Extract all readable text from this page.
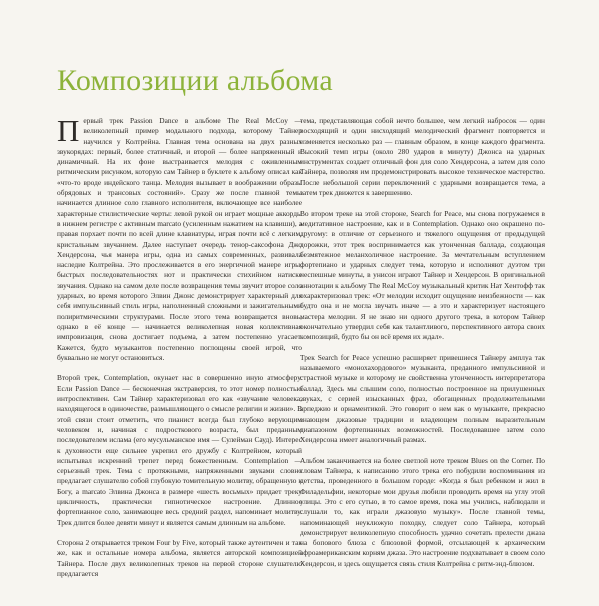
Композиции альбома

Первый трек Passion Dance в альбоме The Real McCoy — великолепный пример модального подхода, которому Тайнер научился у Колтрейна. Главная тема основана на двух разных звукорядах: первый, более статичный, и второй — более напряженный и динамичный. На их фоне выстраивается мелодия с оживленным ритмическим рисунком, которую сам Тайнер в буклете к альбому описал как «что-то вроде индейского танца. Мелодия вызывает в воображении образы обрядовых и трансовых состояний». Сразу же после главной темы начинается длинное соло главного исполнителя, включающее все наиболее характерные стилистические черты: левой рукой он играет мощные аккорды в нижнем регистре с активным marcato (усиленным нажатием на клавиши), а правая порхает почти по всей длине клавиатуры, играя почти всё с легким, кристальным звучанием. Далее наступает очередь тенор-саксофона Джо Хендерсона, чья манера игры, одна из самых современных, развивала наследие Колтрейна. Это прослеживается в его энергичной манере игры, быстрых последовательностях нот и практически стихийном натиске звучания. Однако на самом деле после возвращения темы звучит второе соло ударных, во время которого Элвин Джонс демонстрирует характерный для себя импульсивный стиль игры, наполненный сложными и зажигательными полиритмическими структурами. После этого тема возвращается вновь, однако в её конце — начинается великолепная новая коллективная импровизация, снова достигает подъема, а затем постепенно угасает. Кажется, будто музыкантов постепенно поглощены своей игрой, что буквально не могут остановиться.

Второй трек, Contemplation, окунает нас в совершенно иную атмосферу. Если Passion Dance — бесконечная экстраверсия, то этот номер полностью интроспективен. Сам Тайнер характеризовал его как «звучание человека, находящегося в одиночестве, размышляющего о смысле религии и жизни». В этой связи стоит отметить, что пианист всегда был глубоко верующим человеком и, начиная с подросткового возраста, был преданным последователем ислама (его мусульманское имя — Сулейман Сауд). Интерес к духовности еще сильнее укрепил его дружбу с Колтрейном, который испытывал искренний трепет перед божественным. Contemplation — серьезный трек. Тема с протяжными, напряженными звуками словно предлагает слушателю собой глубокую томительную молитву, обращенную к Богу, а marcato Элвина Джонса в размере «шесть восьмых» придает треку цикличность, практически гипнотическое настроение. Длинное фортепианное соло, занимающее весь средний раздел, напоминает молитву. Трек длится более девяти минут и является самым длинным на альбоме.

Сторона 2 открывается треком Four by Five, который также аутентичен и так же, как и остальные номера альбома, является авторской композицией Тайнера. После двух великолепных треков на первой стороне слушателю предлагается

тема, представляющая собой нечто большее, чем легкий набросок — один восходящий и один нисходящий мелодический фрагмент повторяется и изменяется несколько раз — главным образом, в конце каждого фрагмента. Высокий темп игры (около 280 ударов в минуту) Джонса на ударных инструментах создает отличный фон для соло Хендерсона, а затем для соло Тайнера, позволяя им продемонстрировать высокое техническое мастерство. После небольшой серии переключений с ударными возвращается тема, а затем трек движется к завершению.

Во втором треке на этой стороне, Search for Peace, мы снова погружаемся в медитативное настроение, как и в Contemplation. Однако оно окрашено по-другому: в отличие от серьезного и тяжелого ощущения от предыдущей дорожки, этот трек воспринимается как утонченная баллада, создающая безмятежное меланхоличное настроение. За мечтательным вступлением фортепиано и ударных следует тема, которую и исполняют дуэтом три неспешные минуты, в унисон играют Тайнер и Хендерсон. В оригинальной аннотации к альбому The Real McCoy музыкальный критик Нат Хентофф так охарактеризовал трек: «От мелодии исходит ощущение неизбежности — как будто она и не могла звучать иначе — а это и характеризует настоящего мастера мелодии. Я не знаю ни одного другого трека, в котором Тайнер окончательно утвердил себя как талантливого, перспективного автора своих композиций, будто бы он всё время их ждал».

Трек Search for Peace успешно расширяет привешиеся Тайнеру амплуа так называемого «монохахордового» музыканта, преданного импульсивной и страстной музыке и которому не свойственна утонченность интерпретатора баллад. Здесь мы слышим соло, полностью построенное на прилушенных звуках, с серией изысканных фраз, обогащенных продолжительными арпеджио и орнаментикой. Это говорит о нем как о музыканте, прекрасно знающем джазовые традиции и владеющем полным выразительным диапазоном фортепианных возможностей. Последовавшее затем соло Хендерсона имеет аналогичный размах.

Альбом заканчивается на более светлой ноте треком Blues on the Corner. По словам Тайнера, к написанию этого трека его побудили воспоминания из детства, проведенного в большом городе: «Когда я был ребенком и жил в Филадельфии, некоторые мои друзья любили проводить время на углу этой улицы. Это с его сутью, в то самое время, пока мы учились, наблюдали и слушали то, как играли джазовую музыку». После главной темы, напоминающей неуклюжую походку, следует соло Тайнера, который демонстрирует великолепную способность удачно сочетать прелести джаза на бопового блюза с блюзовой формой, отсылающей к архаическим афроамериканским корням джаза. Это настроение подхватывает в своем соло Хендерсон, и здесь ощущается связь стиля Колтрейна с ритм-энд-блюзом.
